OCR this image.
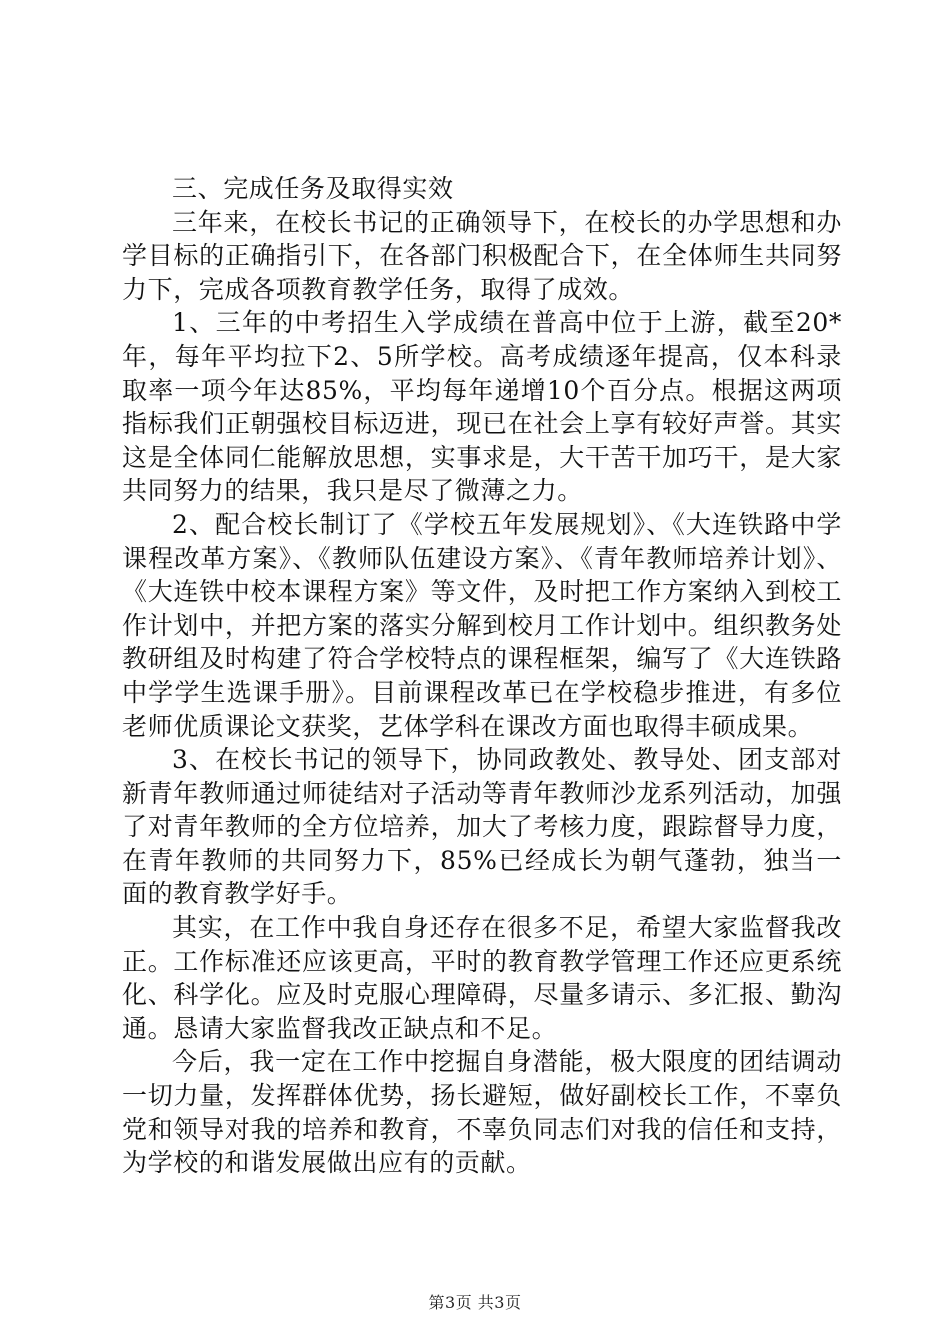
三、完成任务及取得实效

三年来，在校长书记的正确领导下，在校长的办学思想和办学目标的正确指引下，在各部门积极配合下，在全体师生共同努力下，完成各项教育教学任务，取得了成效。

1、三年的中考招生入学成绩在普高中位于上游，截至20*年，每年平均拉下2、5所学校。高考成绩逐年提高，仅本科录取率一项今年达85%，平均每年递增10个百分点。根据这两项指标我们正朝强校目标迈进，现已在社会上享有较好声誉。其实这是全体同仁能解放思想，实事求是，大干苦干加巧干，是大家共同努力的结果，我只是尽了微薄之力。

2、配合校长制订了《学校五年发展规划》、《大连铁路中学课程改革方案》、《教师队伍建设方案》、《青年教师培养计划》、《大连铁中校本课程方案》等文件，及时把工作方案纳入到校工作计划中，并把方案的落实分解到校月工作计划中。组织教务处教研组及时构建了符合学校特点的课程框架，编写了《大连铁路中学学生选课手册》。目前课程改革已在学校稳步推进，有多位老师优质课论文获奖，艺体学科在课改方面也取得丰硕成果。

3、在校长书记的领导下，协同政教处、教导处、团支部对新青年教师通过师徒结对子活动等青年教师沙龙系列活动，加强了对青年教师的全方位培养，加大了考核力度，跟踪督导力度，在青年教师的共同努力下，85%已经成长为朝气蓬勃，独当一面的教育教学好手。

其实，在工作中我自身还存在很多不足，希望大家监督我改正。工作标准还应该更高，平时的教育教学管理工作还应更系统化、科学化。应及时克服心理障碍，尽量多请示、多汇报、勤沟通。恳请大家监督我改正缺点和不足。

今后，我一定在工作中挖掘自身潜能，极大限度的团结调动一切力量，发挥群体优势，扬长避短，做好副校长工作，不辜负党和领导对我的培养和教育，不辜负同志们对我的信任和支持，为学校的和谐发展做出应有的贡献。

第3页 共3页
